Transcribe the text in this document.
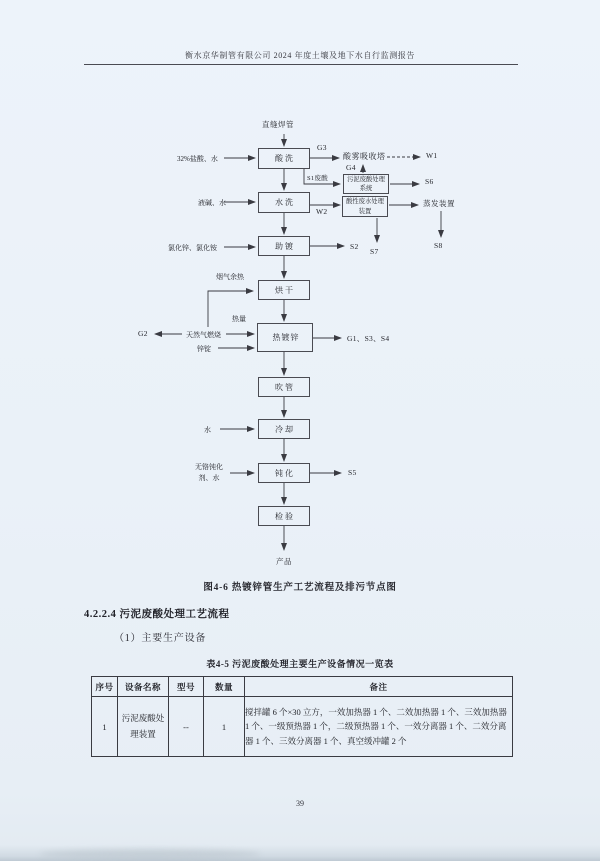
衡水京华制管有限公司 2024 年度土壤及地下水自行监测报告
直缝焊管
酸雾吸收塔
蒸发装置
产品
酸洗
水洗
助镀
烘干
热镀锌
吹管
冷却
钝化
检验
污泥废酸处理系统
酸性废水处理装置
32%盐酸、水
液碱、水
氯化锌、氯化铵
烟气余热
热量
天然气燃烧
锌锭
水
无铬钝化剂、水
G3
W1
G4
S1废酸	S6
W2
S2
S7
S8
G2
G1、S3、S4
S5
图4-6 热镀锌管生产工艺流程及排污节点图
4.2.2.4 污泥废酸处理工艺流程
（1）主要生产设备
表4-5 污泥废酸处理主要生产设备情况一览表
序号	设备名称	型号	数量	备注
1	污泥废酸处理装置	--	1	搅拌罐 6 个×30 立方，一效加热器 1 个、二效加热器 1 个、三效加热器 1 个、一级预热器 1 个，二级预热器 1 个、一效分离器 1 个、二效分离器 1 个、三效分离器 1 个、真空缓冲罐 2 个
39
